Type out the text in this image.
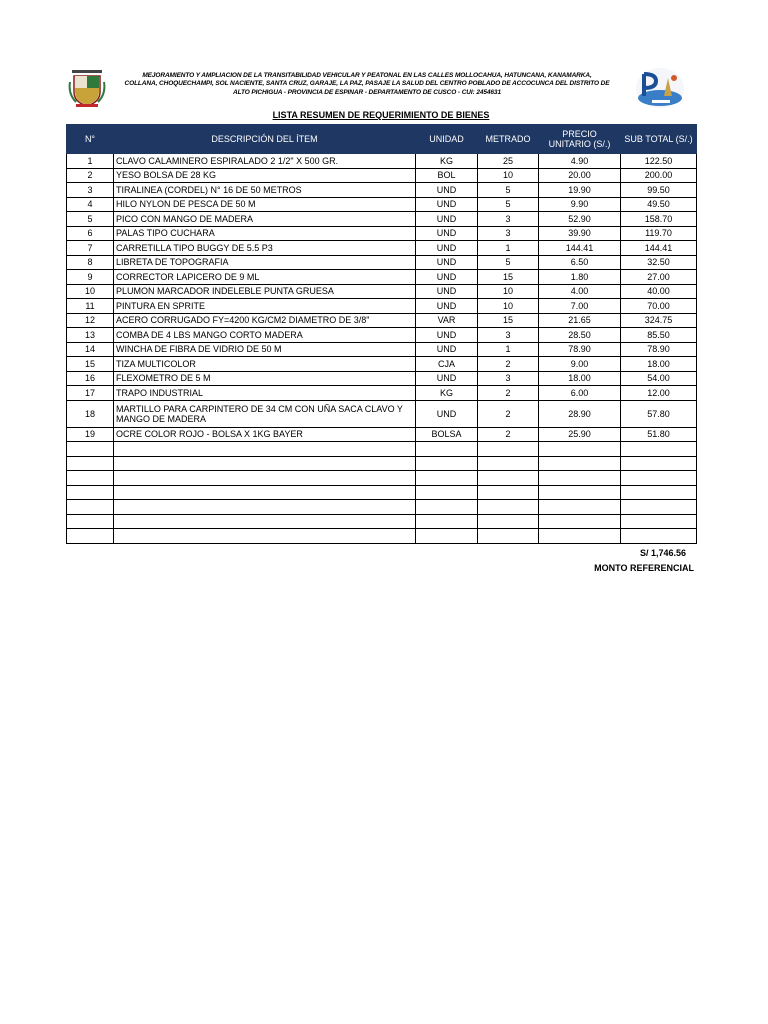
MEJORAMIENTO Y AMPLIACION DE LA TRANSITABILIDAD VEHICULAR Y PEATONAL EN LAS CALLES MOLLOCAHUA, HATUNCANA, KANAMARKA,
COLLANA, CHOQUECHAMPI, SOL NACIENTE, SANTA CRUZ, GARAJE, LA PAZ, PASAJE LA SALUD DEL CENTRO POBLADO DE ACCOCUNCA DEL DISTRITO DE
ALTO PICHIGUA - PROVINCIA DE ESPINAR - DEPARTAMENTO DE CUSCO - CUI: 2454631
LISTA RESUMEN DE REQUERIMIENTO DE BIENES
N°	DESCRIPCIÓN DEL ÍTEM	UNIDAD	METRADO	PRECIO UNITARIO (S/.)	SUB TOTAL (S/.)
1	CLAVO CALAMINERO ESPIRALADO 2 1/2" X 500 GR.	KG	25	4.90	122.50
2	YESO BOLSA DE 28 KG	BOL	10	20.00	200.00
3	TIRALINEA (CORDEL) N° 16 DE 50 METROS	UND	5	19.90	99.50
4	HILO NYLON DE PESCA DE 50 M	UND	5	9.90	49.50
5	PICO CON MANGO DE MADERA	UND	3	52.90	158.70
6	PALAS TIPO CUCHARA	UND	3	39.90	119.70
7	CARRETILLA TIPO BUGGY DE 5.5 P3	UND	1	144.41	144.41
8	LIBRETA DE TOPOGRAFIA	UND	5	6.50	32.50
9	CORRECTOR LAPICERO DE 9 ML	UND	15	1.80	27.00
10	PLUMON MARCADOR INDELEBLE PUNTA GRUESA	UND	10	4.00	40.00
11	PINTURA EN SPRITE	UND	10	7.00	70.00
12	ACERO CORRUGADO FY=4200 KG/CM2 DIAMETRO DE 3/8"	VAR	15	21.65	324.75
13	COMBA DE 4 LBS MANGO CORTO MADERA	UND	3	28.50	85.50
14	WINCHA DE FIBRA DE VIDRIO DE 50 M	UND	1	78.90	78.90
15	TIZA MULTICOLOR	CJA	2	9.00	18.00
16	FLEXOMETRO DE 5 M	UND	3	18.00	54.00
17	TRAPO INDUSTRIAL	KG	2	6.00	12.00
18	MARTILLO PARA CARPINTERO DE 34 CM CON UÑA SACA CLAVO Y MANGO DE MADERA	UND	2	28.90	57.80
19	OCRE COLOR ROJO - BOLSA X 1KG BAYER	BOLSA	2	25.90	51.80

S/ 1,746.56
MONTO REFERENCIAL
